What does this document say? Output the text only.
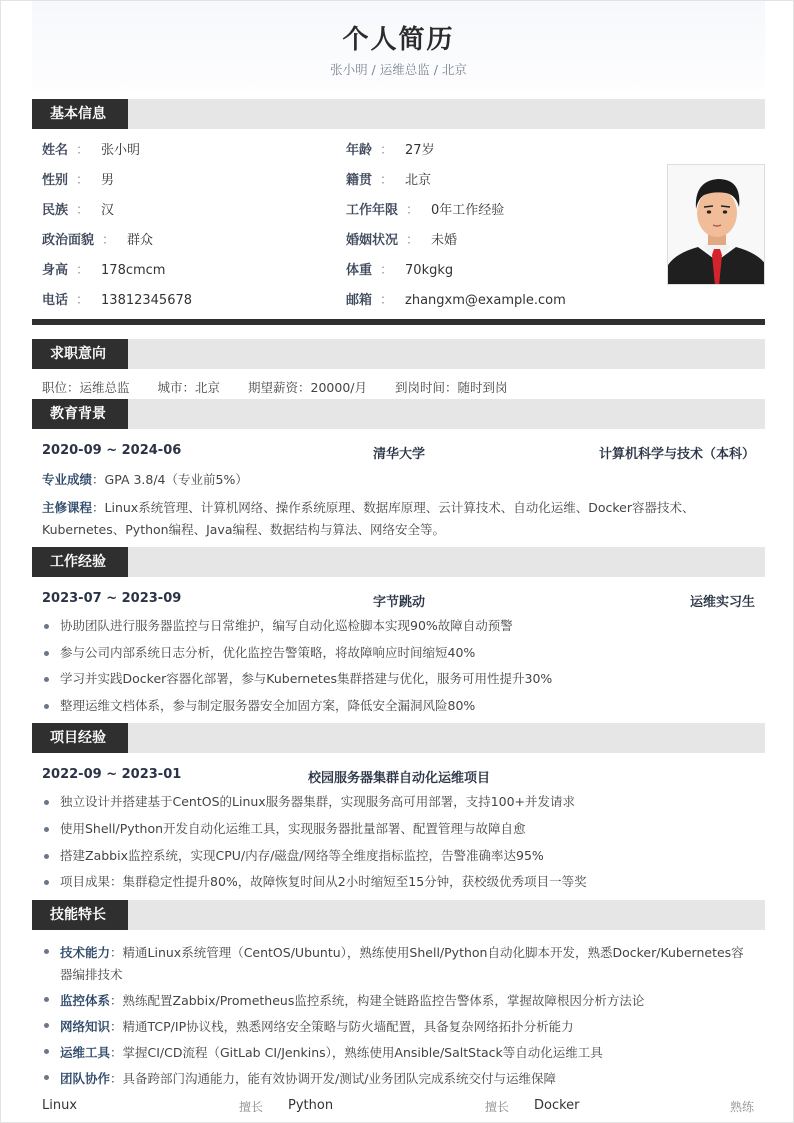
个人简历
张小明 / 运维总监 / 北京
基本信息
姓名 ： 张小明
性别 ： 男
民族 ： 汉
政治面貌 ： 群众
身高 ： 178cmcm
电话 ： 13812345678
年龄 ： 27岁
籍贯 ： 北京
工作年限 ： 0年工作经验
婚姻状况 ： 未婚
体重 ： 70kgkg
邮箱 ： zhangxm@example.com
求职意向
职位：运维总监 城市：北京 期望薪资：20000/月 到岗时间：随时到岗
教育背景
2020-09 ~ 2024-06	清华大学	计算机科学与技术（本科）
专业成绩：GPA 3.8/4（专业前5%）
主修课程：Linux系统管理、计算机网络、操作系统原理、数据库原理、云计算技术、自动化运维、Docker容器技术、Kubernetes、Python编程、Java编程、数据结构与算法、网络安全等。
工作经验
2023-07 ~ 2023-09	字节跳动	运维实习生
协助团队进行服务器监控与日常维护，编写自动化巡检脚本实现90%故障自动预警
参与公司内部系统日志分析，优化监控告警策略，将故障响应时间缩短40%
学习并实践Docker容器化部署，参与Kubernetes集群搭建与优化，服务可用性提升30%
整理运维文档体系，参与制定服务器安全加固方案，降低安全漏洞风险80%
项目经验
2022-09 ~ 2023-01	校园服务器集群自动化运维项目
独立设计并搭建基于CentOS的Linux服务器集群，实现服务高可用部署，支持100+并发请求
使用Shell/Python开发自动化运维工具，实现服务器批量部署、配置管理与故障自愈
搭建Zabbix监控系统，实现CPU/内存/磁盘/网络等全维度指标监控，告警准确率达95%
项目成果：集群稳定性提升80%，故障恢复时间从2小时缩短至15分钟，获校级优秀项目一等奖
技能特长
技术能力：精通Linux系统管理（CentOS/Ubuntu），熟练使用Shell/Python自动化脚本开发，熟悉Docker/Kubernetes容器编排技术
监控体系：熟练配置Zabbix/Prometheus监控系统，构建全链路监控告警体系，掌握故障根因分析方法论
网络知识：精通TCP/IP协议栈，熟悉网络安全策略与防火墙配置，具备复杂网络拓扑分析能力
运维工具：掌握CI/CD流程（GitLab CI/Jenkins），熟练使用Ansible/SaltStack等自动化运维工具
团队协作：具备跨部门沟通能力，能有效协调开发/测试/业务团队完成系统交付与运维保障
Linux	擅长 Python	擅长 Docker	熟练
